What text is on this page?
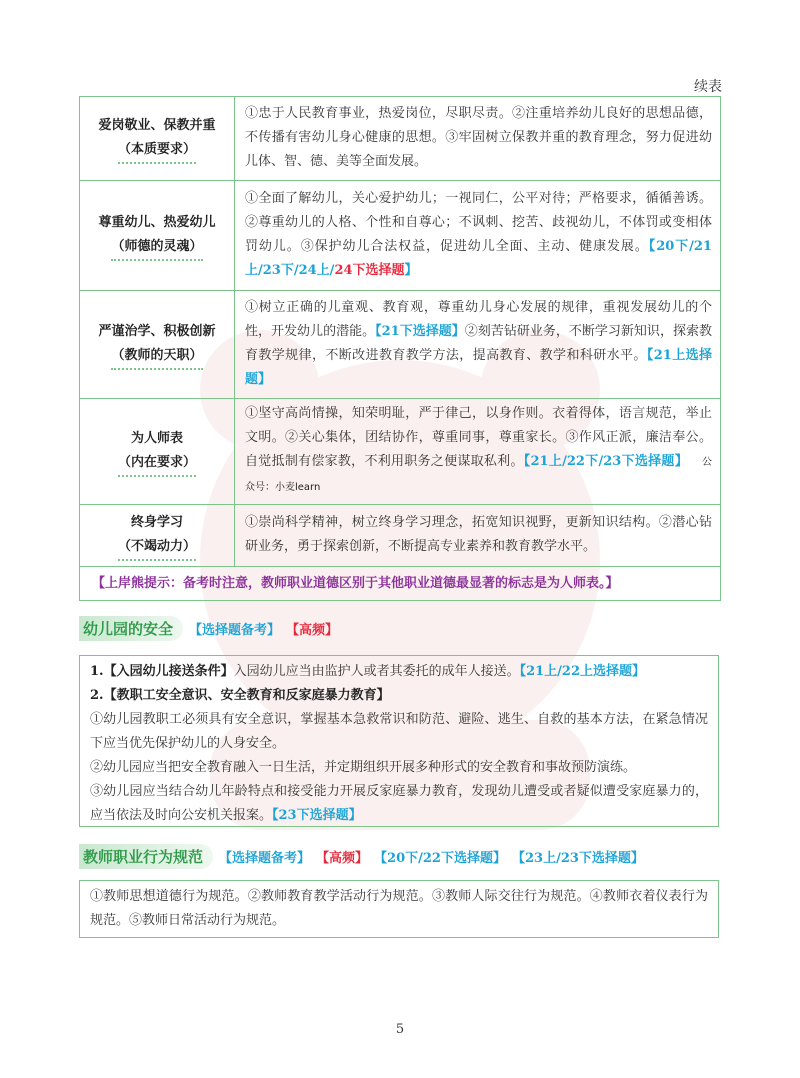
续表
爱岗敬业、保教并重
（本质要求）	①忠于人民教育事业，热爱岗位，尽职尽责。②注重培养幼儿良好的思想品德，不传播有害幼儿身心健康的思想。③牢固树立保教并重的教育理念，努力促进幼儿体、智、德、美等全面发展。

尊重幼儿、热爱幼儿
（师德的灵魂）	①全面了解幼儿，关心爱护幼儿；一视同仁，公平对待；严格要求，循循善诱。②尊重幼儿的人格、个性和自尊心；不讽刺、挖苦、歧视幼儿，不体罚或变相体罚幼儿。③保护幼儿合法权益，促进幼儿全面、主动、健康发展。【20下/21上/23下/24上/24下选择题】

严谨治学、积极创新
（教师的天职）	①树立正确的儿童观、教育观，尊重幼儿身心发展的规律，重视发展幼儿的个性，开发幼儿的潜能。【21下选择题】②刻苦钻研业务，不断学习新知识，探索教育教学规律，不断改进教育教学方法，提高教育、教学和科研水平。【21上选择题】

为人师表
（内在要求）	①坚守高尚情操，知荣明耻，严于律己，以身作则。衣着得体，语言规范，举止文明。②关心集体，团结协作，尊重同事，尊重家长。③作风正派，廉洁奉公。自觉抵制有偿家教，不利用职务之便谋取私利。【21上/22下/23下选择题】 公众号：小麦learn

终身学习
（不竭动力）	①崇尚科学精神，树立终身学习理念，拓宽知识视野，更新知识结构。②潜心钻研业务，勇于探索创新，不断提高专业素养和教育教学水平。
【上岸熊提示：备考时注意，教师职业道德区别于其他职业道德最显著的标志是为人师表。】	
幼儿园的安全	【选择题备考】 【高频】

1.【入园幼儿接送条件】入园幼儿应当由监护人或者其委托的成年人接送。【21上/22上选择题】

2.【教职工安全意识、安全教育和反家庭暴力教育】

①幼儿园教职工必须具有安全意识，掌握基本急救常识和防范、避险、逃生、自救的基本方法，在紧急情况下应当优先保护幼儿的人身安全。

②幼儿园应当把安全教育融入一日生活，并定期组织开展多种形式的安全教育和事故预防演练。

③幼儿园应当结合幼儿年龄特点和接受能力开展反家庭暴力教育，发现幼儿遭受或者疑似遭受家庭暴力的，应当依法及时向公安机关报案。【23下选择题】

教师职业行为规范	【选择题备考】 【高频】 【20下/22下选择题】 【23上/23下选择题】
①教师思想道德行为规范。②教师教育教学活动行为规范。③教师人际交往行为规范。④教师衣着仪表行为规范。⑤教师日常活动行为规范。
5
